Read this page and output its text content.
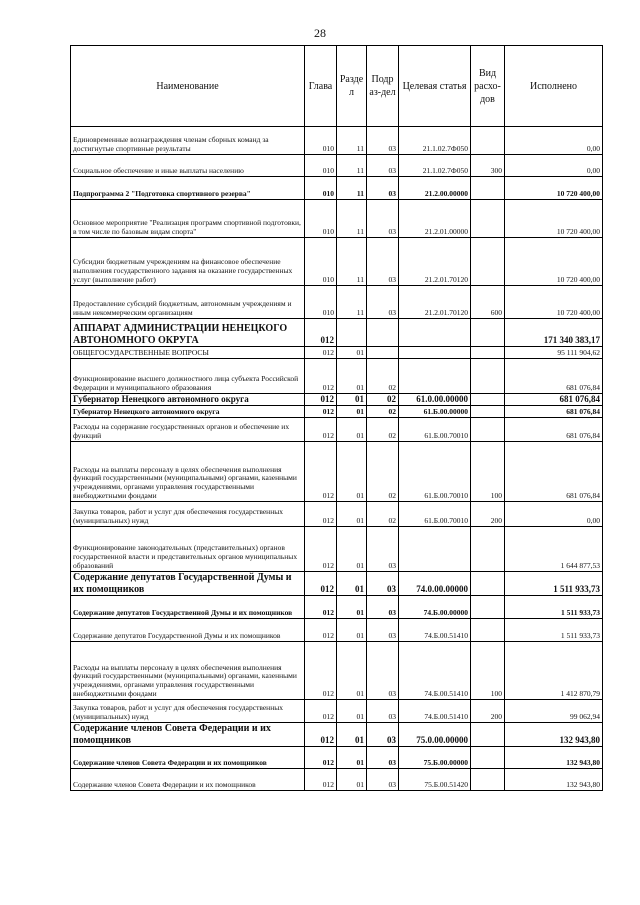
28
Наименование	Глава	Разде л	Подр аз-дел	Целевая статья	Вид расхо-дов	Исполнено
Единовременные вознаграждения членам сборных команд за достигнутые спортивные результаты	010	11	03	21.1.02.7Ф050		0,00
Социальное обеспечение и иные выплаты населению	010	11	03	21.1.02.7Ф050	300	0,00
Подпрограмма 2 "Подготовка спортивного резерва"	010	11	03	21.2.00.00000		10 720 400,00
Основное мероприятие "Реализация программ спортивной подготовки, в том числе по базовым видам спорта"	010	11	03	21.2.01.00000		10 720 400,00
Субсидии бюджетным учреждениям на финансовое обеспечение выполнения государственного задания на оказание государственных услуг (выполнение работ)	010	11	03	21.2.01.70120		10 720 400,00
Предоставление субсидий бюджетным, автономным учреждениям и иным некоммерческим организациям	010	11	03	21.2.01.70120	600	10 720 400,00
АППАРАТ АДМИНИСТРАЦИИ НЕНЕЦКОГО АВТОНОМНОГО ОКРУГА	012					171 340 383,17
ОБЩЕГОСУДАРСТВЕННЫЕ ВОПРОСЫ	012	01				95 111 904,62
Функционирование высшего должностного лица субъекта Российской Федерации и муниципального образования	012	01	02			681 076,84
Губернатор Ненецкого автономного округа	012	01	02	61.0.00.00000		681 076,84
Губернатор Ненецкого автономного округа	012	01	02	61.Б.00.00000		681 076,84
Расходы на содержание государственных органов и обеспечение их функций	012	01	02	61.Б.00.70010		681 076,84
Расходы на выплаты персоналу в целях обеспечения выполнения функций государственными (муниципальными) органами, казенными учреждениями, органами управления государственными внебюджетными фондами	012	01	02	61.Б.00.70010	100	681 076,84
Закупка товаров, работ и услуг для обеспечения государственных (муниципальных) нужд	012	01	02	61.Б.00.70010	200	0,00
Функционирование законодательных (представительных) органов государственной власти и представительных органов муниципальных образований	012	01	03			1 644 877,53
Содержание депутатов Государственной Думы и их помощников	012	01	03	74.0.00.00000		1 511 933,73
Содержание депутатов Государственной Думы и их помощников	012	01	03	74.Б.00.00000		1 511 933,73
Содержание депутатов Государственной Думы и их помощников	012	01	03	74.Б.00.51410		1 511 933,73
Расходы на выплаты персоналу в целях обеспечения выполнения функций государственными (муниципальными) органами, казенными учреждениями, органами управления государственными внебюджетными фондами	012	01	03	74.Б.00.51410	100	1 412 870,79
Закупка товаров, работ и услуг для обеспечения государственных (муниципальных) нужд	012	01	03	74.Б.00.51410	200	99 062,94
Содержание членов Совета Федерации и их помощников	012	01	03	75.0.00.00000		132 943,80
Содержание членов Совета Федерации и их помощников	012	01	03	75.Б.00.00000		132 943,80
Содержание членов Совета Федерации и их помощников	012	01	03	75.Б.00.51420		132 943,80
